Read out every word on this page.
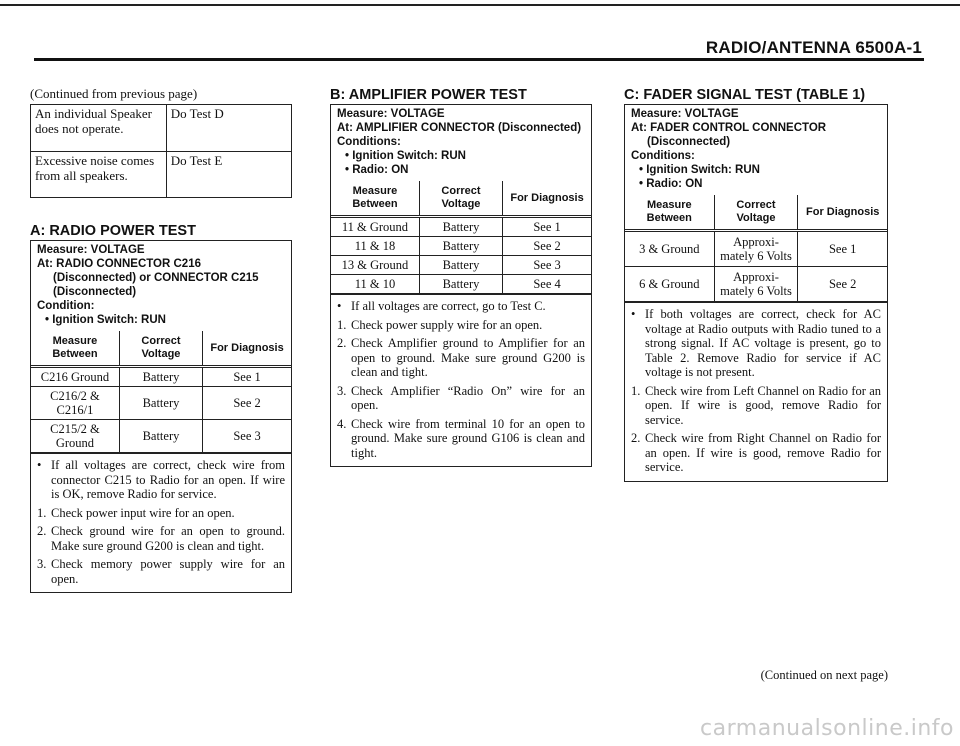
RADIO/ANTENNA 6500A-1
(Continued from previous page)
An individual Speaker does not operate.	Do Test D
Excessive noise comes from all speakers.	Do Test E
A: RADIO POWER TEST
Measure: VOLTAGE
At: RADIO CONNECTOR C216
(Disconnected) or CONNECTOR C215
(Disconnected)
Condition:
• Ignition Switch: RUN
Measure Between	Correct Voltage	For Diagnosis
C216 Ground	Battery	See 1
C216/2 & C216/1	Battery	See 2
C215/2 & Ground	Battery	See 3
• If all voltages are correct, check wire from connector C215 to Radio for an open. If wire is OK, remove Radio for service.
1. Check power input wire for an open.
2. Check ground wire for an open to ground. Make sure ground G200 is clean and tight.
3. Check memory power supply wire for an open.
B: AMPLIFIER POWER TEST
Measure: VOLTAGE
At: AMPLIFIER CONNECTOR (Disconnected)
Conditions:
• Ignition Switch: RUN
• Radio: ON
Measure Between	Correct Voltage	For Diagnosis
11 & Ground	Battery	See 1
11 & 18	Battery	See 2
13 & Ground	Battery	See 3
11 & 10	Battery	See 4
• If all voltages are correct, go to Test C.
1. Check power supply wire for an open.
2. Check Amplifier ground to Amplifier for an open to ground. Make sure ground G200 is clean and tight.
3. Check Amplifier “Radio On” wire for an open.
4. Check wire from terminal 10 for an open to ground. Make sure ground G106 is clean and tight.
C: FADER SIGNAL TEST (TABLE 1)
Measure: VOLTAGE
At: FADER CONTROL CONNECTOR
(Disconnected)
Conditions:
• Ignition Switch: RUN
• Radio: ON
Measure Between	Correct Voltage	For Diagnosis
3 & Ground	Approxi- mately 6 Volts	See 1
6 & Ground	Approxi- mately 6 Volts	See 2
• If both voltages are correct, check for AC voltage at Radio outputs with Radio tuned to a strong signal. If AC voltage is present, go to Table 2. Remove Radio for service if AC voltage is not present.
1. Check wire from Left Channel on Radio for an open. If wire is good, remove Radio for service.
2. Check wire from Right Channel on Radio for an open. If wire is good, remove Radio for service.
(Continued on next page)
carmanualsonline.info
